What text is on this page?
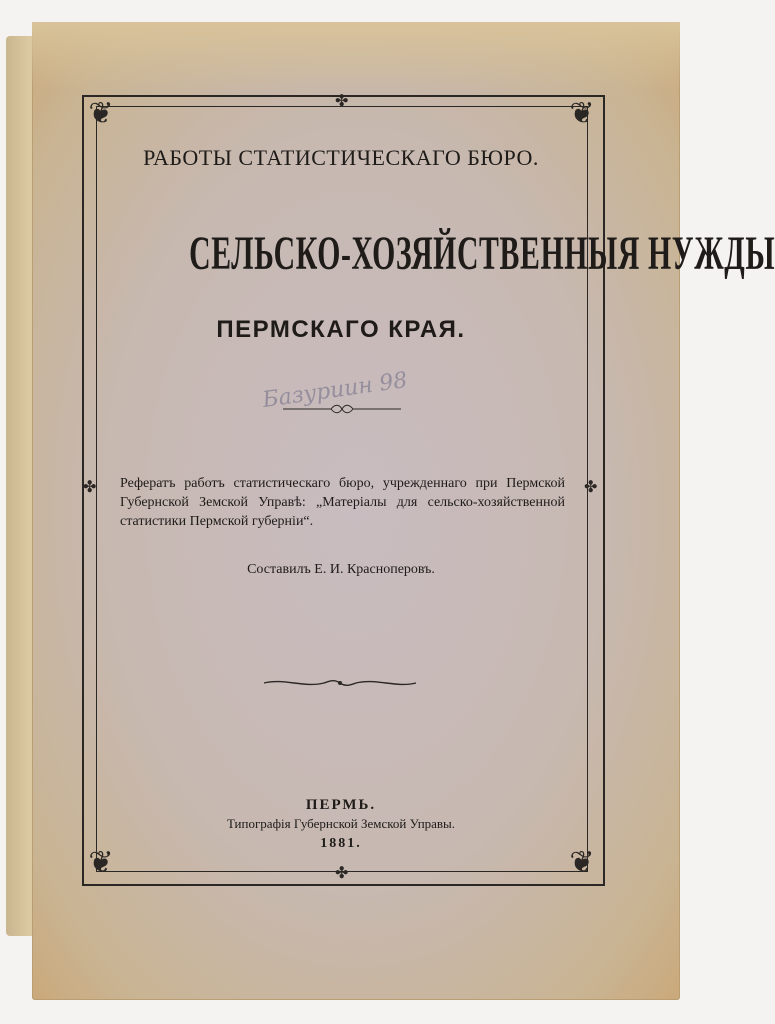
❦	❦
❦	❦
✤	✤
✤
✤
РАБОТЫ СТАТИСТИЧЕСКАГО БЮРО.
СЕЛЬСКО-ХОЗЯЙСТВЕННЫЯ НУЖДЫ
ПЕРМСКАГО КРАЯ.
Базуриин 98
Рефератъ работъ статистическаго бюро, учрежденнаго при Пермской Губернской Земской Управѣ: „Матеріалы для сельско-хозяйственной статистики Пермской губерніи“.
Составилъ Е. И. Красноперовъ.
ПЕРМЬ.
Типографія Губернской Земской Управы.
1881.
